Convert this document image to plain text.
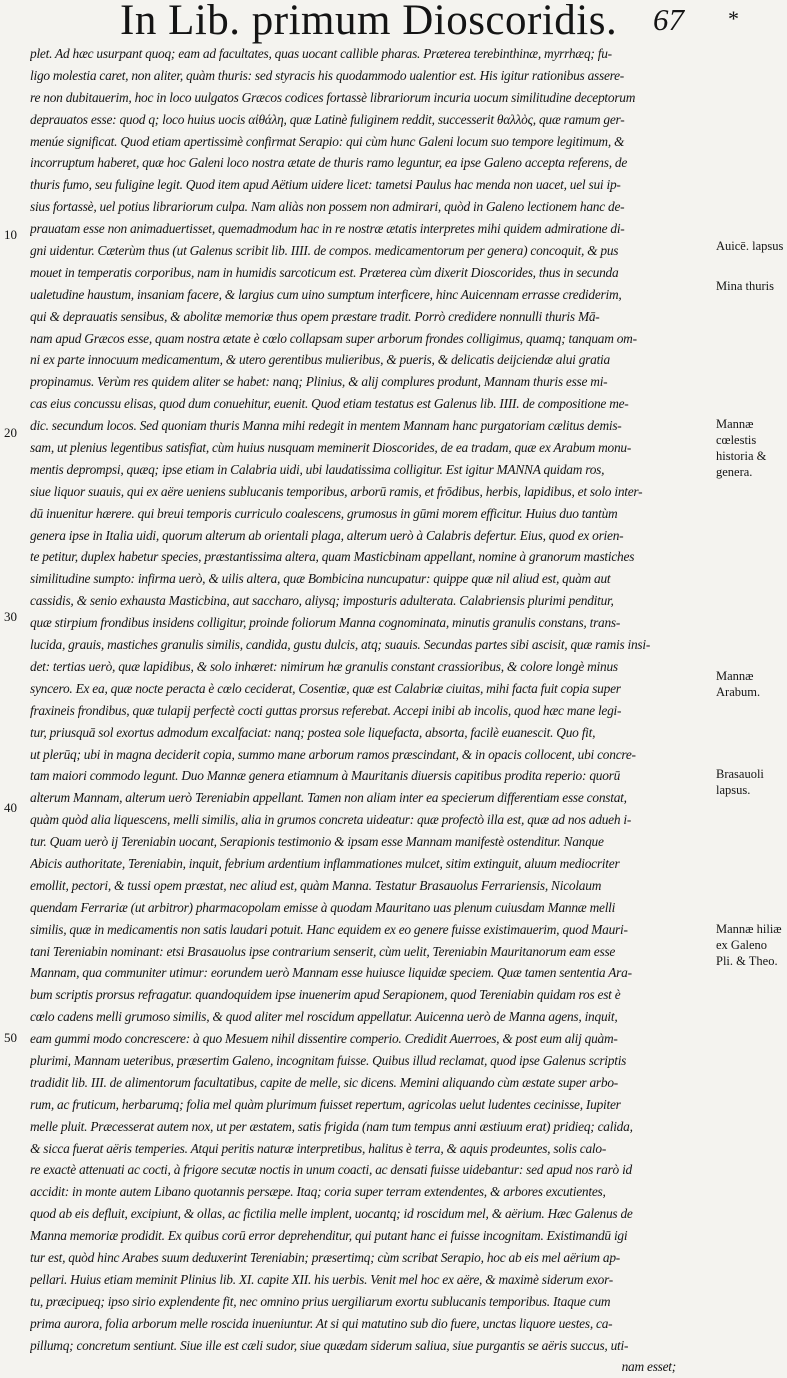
In Lib. primum Dioscoridis. 67 *
10
20
30
40
50
Auicē. lapsus
Mina thuris
Mannæ cœlestis historia & genera.
Mannæ Arabum.
Brasauoli lapsus.
Mannæ hiliæ ex Galeno Pli. & Theo.
plet. Ad hæc usurpant quoq; eam ad facultates, quas uocant callible pharas. Præterea terebinthinæ, myrrhæq; fu-
ligo molestia caret, non aliter, quàm thuris: sed styracis his quodammodo ualentior est. His igitur rationibus assere-
re non dubitauerim, hoc in loco uulgatos Græcos codices fortassè librariorum incuria uocum similitudine deceptorum
deprauatos esse: quod q; loco huius uocis αἰθάλη, quæ Latinè fuliginem reddit, successerit θαλλὸς, quæ ramum ger-
menúe significat. Quod etiam apertissimè confirmat Serapio: qui cùm hunc Galeni locum suo tempore legitimum, &
incorruptum haberet, quæ hoc Galeni loco nostra ætate de thuris ramo leguntur, ea ipse Galeno accepta referens, de
thuris fumo, seu fuligine legit. Quod item apud Aëtium uidere licet: tametsi Paulus hac menda non uacet, uel sui ip-
sius fortassè, uel potius librariorum culpa. Nam aliàs non possem non admirari, quòd in Galeno lectionem hanc de-
prauatam esse non animaduertisset, quemadmodum hac in re nostræ ætatis interpretes mihi quidem admiratione di-
gni uidentur. Cæterùm thus (ut Galenus scribit lib. IIII. de compos. medicamentorum per genera) concoquit, & pus
mouet in temperatis corporibus, nam in humidis sarcoticum est. Præterea cùm dixerit Dioscorides, thus in secunda
ualetudine haustum, insaniam facere, & largius cum uino sumptum interficere, hinc Auicennam errasse crediderim,
qui & deprauatis sensibus, & abolitæ memoriæ thus opem præstare tradit. Porrò credidere nonnulli thuris Mā-
nam apud Græcos esse, quam nostra ætate è cœlo collapsam super arborum frondes colligimus, quamq; tanquam om-
ni ex parte innocuum medicamentum, & utero gerentibus mulieribus, & pueris, & delicatis deijciendæ alui gratia
propinamus. Verùm res quidem aliter se habet: nanq; Plinius, & alij complures produnt, Mannam thuris esse mi-
cas eius concussu elisas, quod dum conuehitur, euenit. Quod etiam testatus est Galenus lib. IIII. de compositione me-
dic. secundum locos. Sed quoniam thuris Manna mihi redegit in mentem Mannam hanc purgatoriam cælitus demis-
sam, ut plenius legentibus satisfiat, cùm huius nusquam meminerit Dioscorides, de ea tradam, quæ ex Arabum monu-
mentis deprompsi, quæq; ipse etiam in Calabria uidi, ubi laudatissima colligitur. Est igitur MANNA quidam ros,
siue liquor suauis, qui ex aëre ueniens sublucanis temporibus, arborū ramis, et frōdibus, herbis, lapidibus, et solo inter-
dū inuenitur hærere. qui breui temporis curriculo coalescens, grumosus in gūmi morem efficitur. Huius duo tantùm
genera ipse in Italia uidi, quorum alterum ab orientali plaga, alterum uerò à Calabris defertur. Eius, quod ex orien-
te petitur, duplex habetur species, præstantissima altera, quam Masticbinam appellant, nomine à granorum mastiches
similitudine sumpto: infirma uerò, & uilis altera, quæ Bombicina nuncupatur: quippe quæ nil aliud est, quàm aut
cassidis, & senio exhausta Masticbina, aut saccharo, aliysq; imposturis adulterata. Calabriensis plurimi penditur,
quæ stirpium frondibus insidens colligitur, proinde foliorum Manna cognominata, minutis granulis constans, trans-
lucida, grauis, mastiches granulis similis, candida, gustu dulcis, atq; suauis. Secundas partes sibi ascisit, quæ ramis insi-
det: tertias uerò, quæ lapidibus, & solo inhæret: nimirum hæ granulis constant crassioribus, & colore longè minus
syncero. Ex ea, quæ nocte peracta è cœlo ceciderat, Cosentiæ, quæ est Calabriæ ciuitas, mihi facta fuit copia super
fraxineis frondibus, quæ tulapij perfectè cocti guttas prorsus referebat. Accepi inibi ab incolis, quod hæc mane legi-
tur, priusquā sol exortus admodum excalfaciat: nanq; postea sole liquefacta, absorta, facilè euanescit. Quo fit,
ut plerūq; ubi in magna deciderit copia, summo mane arborum ramos præscindant, & in opacis collocent, ubi concre-
tam maiori commodo legunt. Duo Mannæ genera etiamnum à Mauritanis diuersis capitibus prodita reperio: quorū
alterum Mannam, alterum uerò Tereniabin appellant. Tamen non aliam inter ea specierum differentiam esse constat,
quàm quòd alia liquescens, melli similis, alia in grumos concreta uideatur: quæ profectò illa est, quæ ad nos adueh i-
tur. Quam uerò ij Tereniabin uocant, Serapionis testimonio & ipsam esse Mannam manifestè ostenditur. Nanque
Abicis authoritate, Tereniabin, inquit, febrium ardentium inflammationes mulcet, sitim extinguit, aluum mediocriter
emollit, pectori, & tussi opem præstat, nec aliud est, quàm Manna. Testatur Brasauolus Ferrariensis, Nicolaum
quendam Ferrariæ (ut arbitror) pharmacopolam emisse à quodam Mauritano uas plenum cuiusdam Mannæ melli
similis, quæ in medicamentis non satis laudari potuit. Hanc equidem ex eo genere fuisse existimauerim, quod Mauri-
tani Tereniabin nominant: etsi Brasauolus ipse contrarium senserit, cùm uelit, Tereniabin Mauritanorum eam esse
Mannam, qua communiter utimur: eorundem uerò Mannam esse huiusce liquidæ speciem. Quæ tamen sententia Ara-
bum scriptis prorsus refragatur. quandoquidem ipse inuenerim apud Serapionem, quod Tereniabin quidam ros est è
cœlo cadens melli grumoso similis, & quod aliter mel roscidum appellatur. Auicenna uerò de Manna agens, inquit,
eam gummi modo concrescere: à quo Mesuem nihil dissentire comperio. Credidit Auerroes, & post eum alij quàm-
plurimi, Mannam ueteribus, præsertim Galeno, incognitam fuisse. Quibus illud reclamat, quod ipse Galenus scriptis
tradidit lib. III. de alimentorum facultatibus, capite de melle, sic dicens. Memini aliquando cùm æstate super arbo-
rum, ac fruticum, herbarumq; folia mel quàm plurimum fuisset repertum, agricolas uelut ludentes cecinisse, Iupiter
melle pluit. Præcesserat autem nox, ut per æstatem, satis frigida (nam tum tempus anni æstiuum erat) pridieq; calida,
& sicca fuerat aëris temperies. Atqui peritis naturæ interpretibus, halitus è terra, & aquis prodeuntes, solis calo-
re exactè attenuati ac cocti, à frigore secutæ noctis in unum coacti, ac densati fuisse uidebantur: sed apud nos rarò id
accidit: in monte autem Libano quotannis persæpe. Itaq; coria super terram extendentes, & arbores excutientes,
quod ab eis defluit, excipiunt, & ollas, ac fictilia melle implent, uocantq; id roscidum mel, & aërium. Hæc Galenus de
Manna memoriæ prodidit. Ex quibus corū error deprehenditur, qui putant hanc ei fuisse incognitam. Existimandū igi
tur est, quòd hinc Arabes suum deduxerint Tereniabin; præsertimq; cùm scribat Serapio, hoc ab eis mel aërium ap-
pellari. Huius etiam meminit Plinius lib. XI. capite XII. his uerbis. Venit mel hoc ex aëre, & maximè siderum exor-
tu, præcipueq; ipso sirio explendente fit, nec omnino prius uergiliarum exortu sublucanis temporibus. Itaque cum
prima aurora, folia arborum melle roscida inueniuntur. At si qui matutino sub dio fuere, unctas liquore uestes, ca-
pillumq; concretum sentiunt. Siue ille est cæli sudor, siue quædam siderum saliua, siue purgantis se aëris succus, uti-
nam esset;
